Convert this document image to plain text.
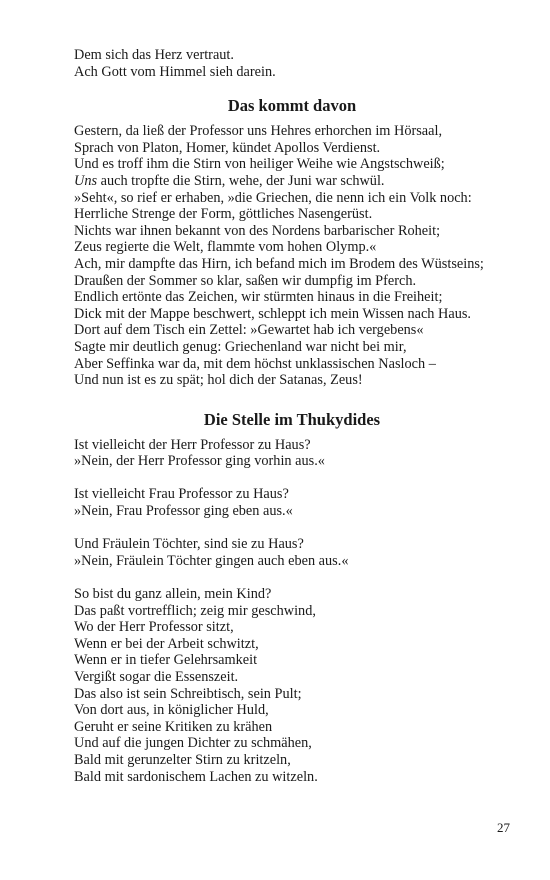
Dem sich das Herz vertraut.
Ach Gott vom Himmel sieh darein.
Das kommt davon
Gestern, da ließ der Professor uns Hehres erhorchen im Hörsaal,
Sprach von Platon, Homer, kündet Apollos Verdienst.
Und es troff ihm die Stirn von heiliger Weihe wie Angstschweiß;
Uns auch tropfte die Stirn, wehe, der Juni war schwül.
»Seht«, so rief er erhaben, »die Griechen, die nenn ich ein Volk noch:
Herrliche Strenge der Form, göttliches Nasengerüst.
Nichts war ihnen bekannt von des Nordens barbarischer Roheit;
Zeus regierte die Welt, flammte vom hohen Olymp.«
Ach, mir dampfte das Hirn, ich befand mich im Brodem des Wüstseins;
Draußen der Sommer so klar, saßen wir dumpfig im Pferch.
Endlich ertönte das Zeichen, wir stürmten hinaus in die Freiheit;
Dick mit der Mappe beschwert, schleppt ich mein Wissen nach Haus.
Dort auf dem Tisch ein Zettel: »Gewartet hab ich vergebens«
Sagte mir deutlich genug: Griechenland war nicht bei mir,
Aber Seffinka war da, mit dem höchst unklassischen Nasloch –
Und nun ist es zu spät; hol dich der Satanas, Zeus!
Die Stelle im Thukydides
Ist vielleicht der Herr Professor zu Haus?
»Nein, der Herr Professor ging vorhin aus.«
Ist vielleicht Frau Professor zu Haus?
»Nein, Frau Professor ging eben aus.«
Und Fräulein Töchter, sind sie zu Haus?
»Nein, Fräulein Töchter gingen auch eben aus.«
So bist du ganz allein, mein Kind?
Das paßt vortrefflich; zeig mir geschwind,
Wo der Herr Professor sitzt,
Wenn er bei der Arbeit schwitzt,
Wenn er in tiefer Gelehrsamkeit
Vergißt sogar die Essenszeit.
Das also ist sein Schreibtisch, sein Pult;
Von dort aus, in königlicher Huld,
Geruht er seine Kritiken zu krähen
Und auf die jungen Dichter zu schmähen,
Bald mit gerunzelter Stirn zu kritzeln,
Bald mit sardonischem Lachen zu witzeln.
27
